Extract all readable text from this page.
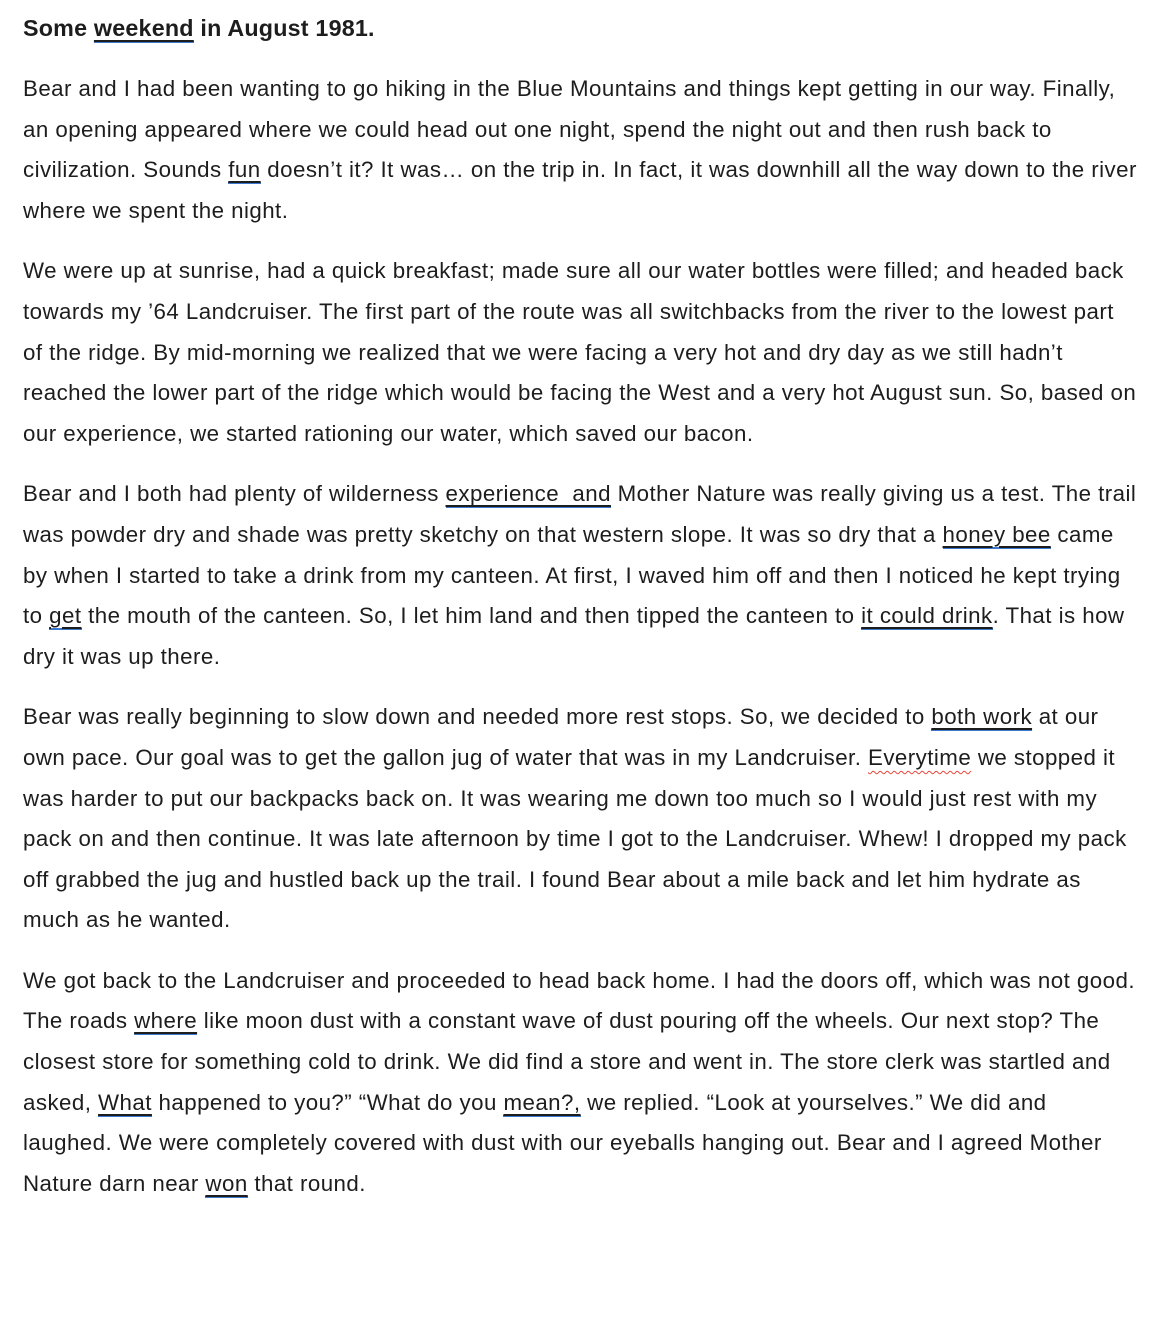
Some weekend in August 1981.

Bear and I had been wanting to go hiking in the Blue Mountains and things kept getting in our way. Finally, an opening appeared where we could head out one night, spend the night out and then rush back to civilization. Sounds fun doesn’t it? It was… on the trip in. In fact, it was downhill all the way down to the river where we spent the night.

We were up at sunrise, had a quick breakfast; made sure all our water bottles were filled; and headed back towards my ’64 Landcruiser. The first part of the route was all switchbacks from the river to the lowest part of the ridge. By mid-morning we realized that we were facing a very hot and dry day as we still hadn’t reached the lower part of the ridge which would be facing the West and a very hot August sun. So, based on our experience, we started rationing our water, which saved our bacon.

Bear and I both had plenty of wilderness experience  and Mother Nature was really giving us a test. The trail was powder dry and shade was pretty sketchy on that western slope. It was so dry that a honey bee came by when I started to take a drink from my canteen. At first, I waved him off and then I noticed he kept trying to get the mouth of the canteen. So, I let him land and then tipped the canteen to it could drink. That is how dry it was up there.

Bear was really beginning to slow down and needed more rest stops. So, we decided to both work at our own pace. Our goal was to get the gallon jug of water that was in my Landcruiser. Everytime we stopped it was harder to put our backpacks back on. It was wearing me down too much so I would just rest with my pack on and then continue. It was late afternoon by time I got to the Landcruiser. Whew! I dropped my pack off grabbed the jug and hustled back up the trail. I found Bear about a mile back and let him hydrate as much as he wanted.

We got back to the Landcruiser and proceeded to head back home. I had the doors off, which was not good. The roads where like moon dust with a constant wave of dust pouring off the wheels. Our next stop? The closest store for something cold to drink. We did find a store and went in. The store clerk was startled and asked, What happened to you?” “What do you mean?, we replied. “Look at yourselves.” We did and laughed. We were completely covered with dust with our eyeballs hanging out. Bear and I agreed Mother Nature darn near won that round.
